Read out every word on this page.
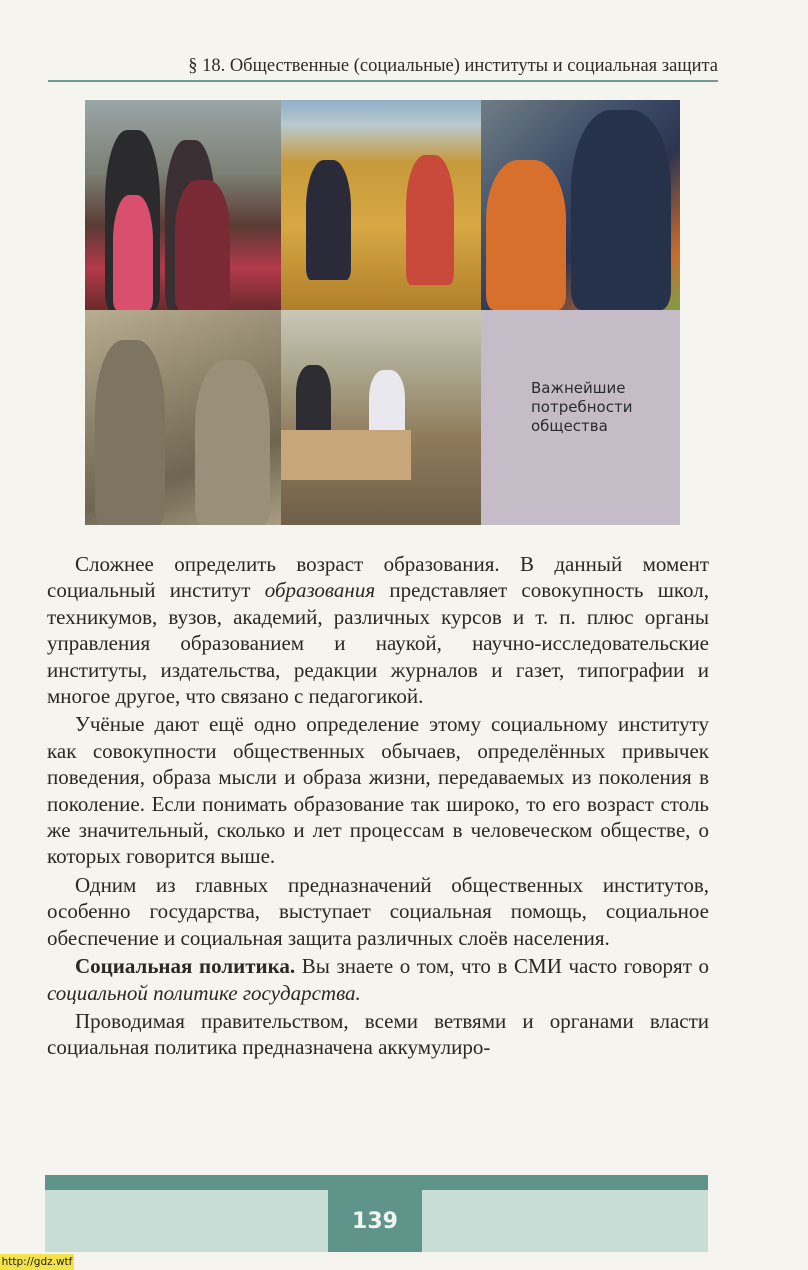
§ 18. Общественные (социальные) институты и социальная защита
Важнейшие
потребности
общества

Сложнее определить возраст образования. В данный момент социальный институт образования представляет совокупность школ, техникумов, вузов, академий, различных курсов и т. п. плюс органы управления образованием и наукой, научно-исследовательские институты, издательства, редакции журналов и газет, типографии и многое другое, что связано с педагогикой.

Учёные дают ещё одно определение этому социальному институту как совокупности общественных обычаев, определённых привычек поведения, образа мысли и образа жизни, передаваемых из поколения в поколение. Если понимать образование так широко, то его возраст столь же значительный, сколько и лет процессам в человеческом обществе, о которых говорится выше.

Одним из главных предназначений общественных институтов, особенно государства, выступает социальная помощь, социальное обеспечение и социальная защита различных слоёв населения.

Социальная политика. Вы знаете о том, что в СМИ часто говорят о социальной политике государства.

Проводимая правительством, всеми ветвями и органами власти социальная политика предназначена аккумулиро-

139
http://gdz.wtf
